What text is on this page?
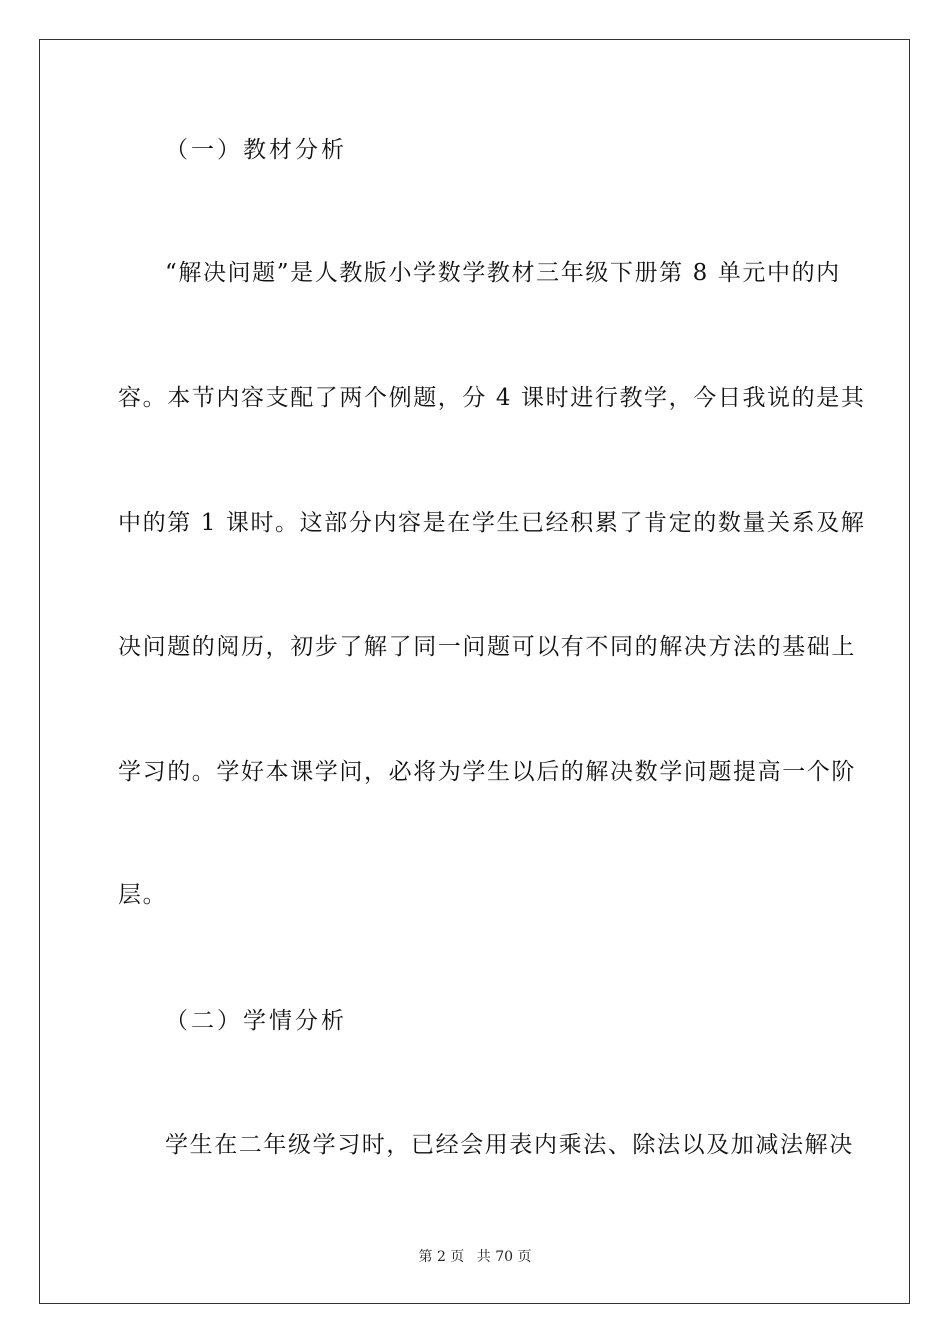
（一）教材分析
“解决问题”是人教版小学数学教材三年级下册第 8 单元中的内
容。本节内容支配了两个例题，分 4 课时进行教学，今日我说的是其
中的第 1 课时。这部分内容是在学生已经积累了肯定的数量关系及解
决问题的阅历，初步了解了同一问题可以有不同的解决方法的基础上
学习的。学好本课学问，必将为学生以后的解决数学问题提高一个阶
层。
（二）学情分析
学生在二年级学习时，已经会用表内乘法、除法以及加减法解决
第 2 页 共 70 页
